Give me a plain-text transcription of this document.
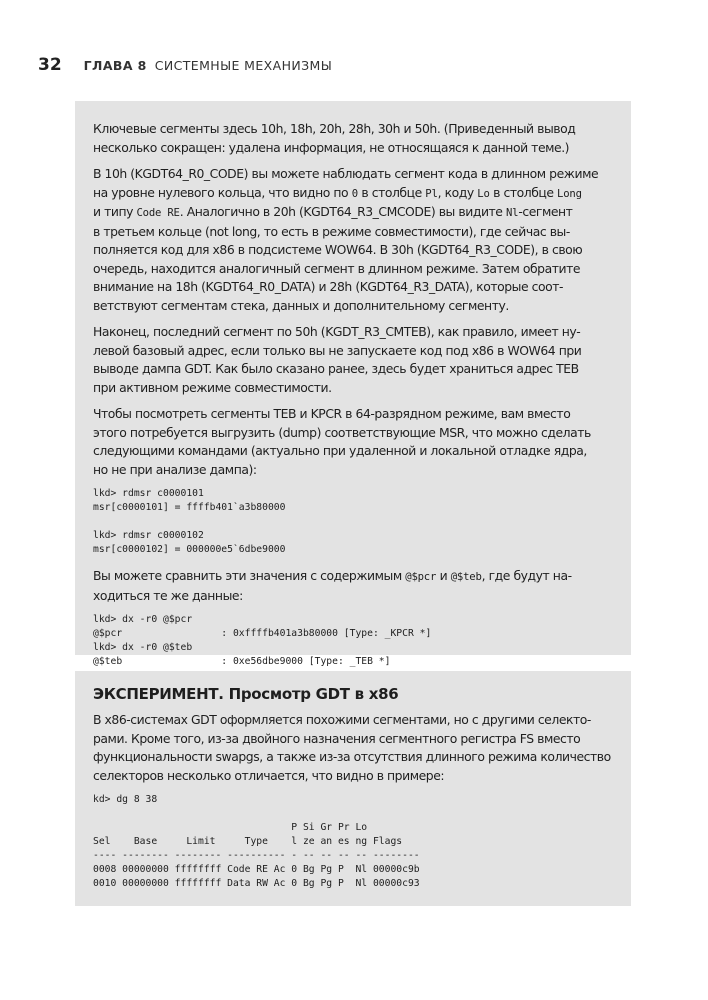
32 ГЛАВА 8 СИСТЕМНЫЕ МЕХАНИЗМЫ

Ключевые сегменты здесь 10h, 18h, 20h, 28h, 30h и 50h. (Приведенный вывод
несколько сокращен: удалена информация, не относящаяся к данной теме.)

В 10h (KGDT64_R0_CODE) вы можете наблюдать сегмент кода в длинном режиме
на уровне нулевого кольца, что видно по 0 в столбце Pl, коду Lo в столбце Long
и типу Code RE. Аналогично в 20h (KGDT64_R3_CMCODE) вы видите Nl-сегмент
в третьем кольце (not long, то есть в режиме совместимости), где сейчас вы-
полняется код для x86 в подсистеме WOW64. В 30h (KGDT64_R3_CODE), в свою
очередь, находится аналогичный сегмент в длинном режиме. Затем обратите
внимание на 18h (KGDT64_R0_DATA) и 28h (KGDT64_R3_DATA), которые соот-
ветствуют сегментам стека, данных и дополнительному сегменту.

Наконец, последний сегмент по 50h (KGDT_R3_CMTEB), как правило, имеет ну-
левой базовый адрес, если только вы не запускаете код под x86 в WOW64 при
выводе дампа GDT. Как было сказано ранее, здесь будет храниться адрес TEB
при активном режиме совместимости.

Чтобы посмотреть сегменты TEB и KPCR в 64-разрядном режиме, вам вместо
этого потребуется выгрузить (dump) соответствующие MSR, что можно сделать
следующими командами (актуально при удаленной и локальной отладке ядра,
но не при анализе дампа):

lkd> rdmsr c0000101
msr[c0000101] = ffffb401`a3b80000

lkd> rdmsr c0000102
msr[c0000102] = 000000e5`6dbe9000

Вы можете сравнить эти значения с содержимым @$pcr и @$teb, где будут на-
ходиться те же данные:

lkd> dx -r0 @$pcr
@$pcr                 : 0xffffb401a3b80000 [Type: _KPCR *]
lkd> dx -r0 @$teb
@$teb                 : 0xe56dbe9000 [Type: _TEB *]
ЭКСПЕРИМЕНТ. Просмотр GDT в x86

В x86-системах GDT оформляется похожими сегментами, но с другими селекто-
рами. Кроме того, из-за двойного назначения сегментного регистра FS вместо
функциональности swapgs, а также из-за отсутствия длинного режима количество
селекторов несколько отличается, что видно в примере:

kd> dg 8 38

P Si Gr Pr Lo
Sel    Base     Limit     Type    l ze an es ng Flags
---- -------- -------- ---------- - -- -- -- -- --------
0008 00000000 ffffffff Code RE Ac 0 Bg Pg P  Nl 00000c9b
0010 00000000 ffffffff Data RW Ac 0 Bg Pg P  Nl 00000c93
